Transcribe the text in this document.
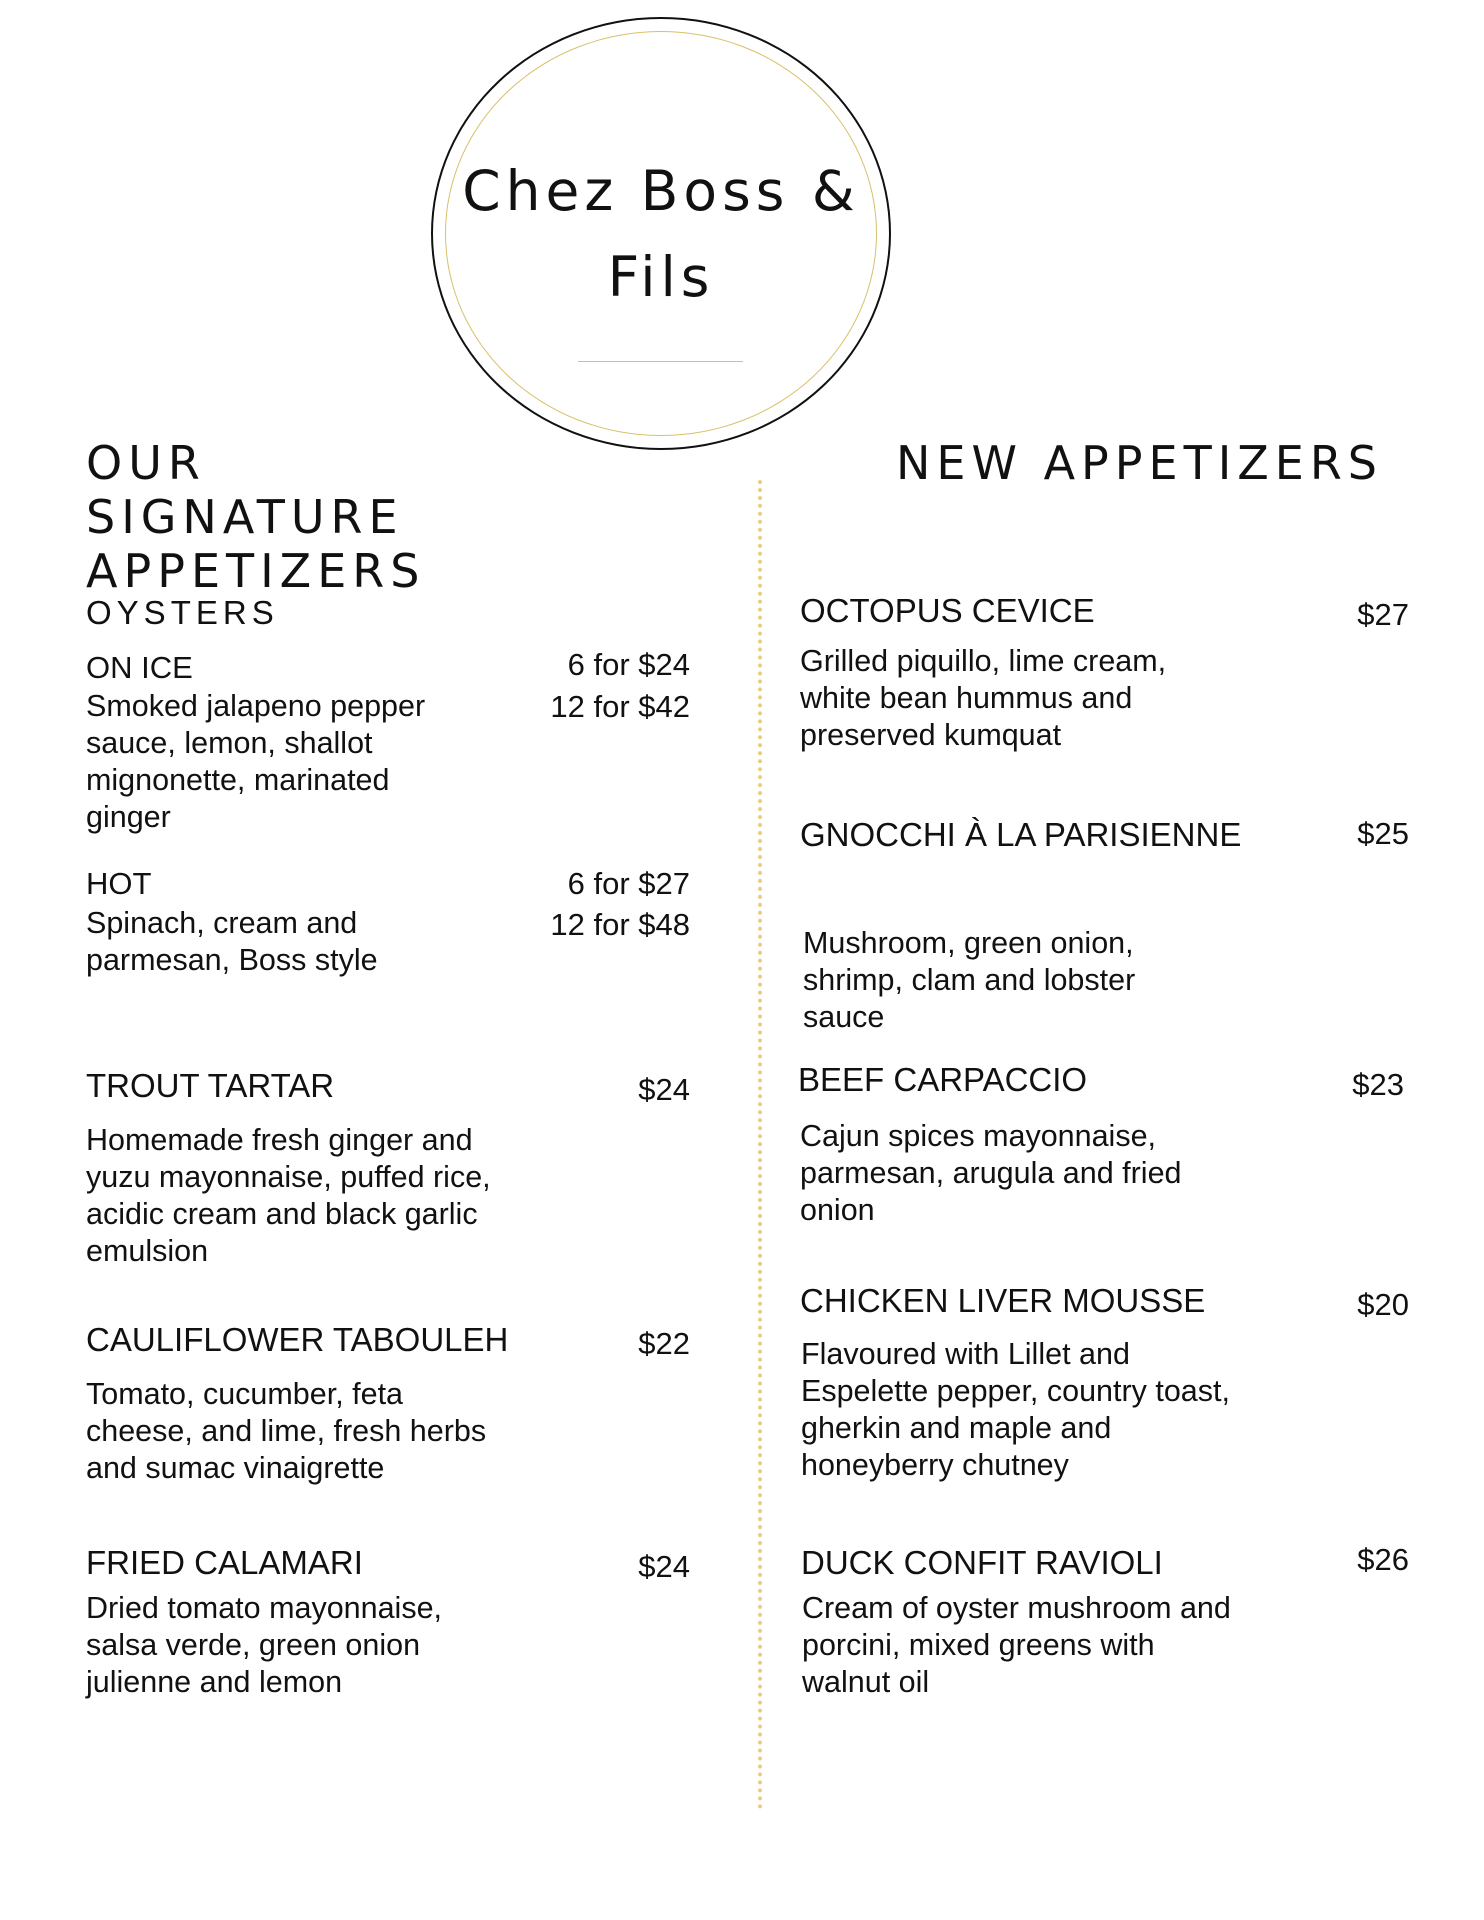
Chez Boss &
Fils
OUR SIGNATURE APPETIZERS
NEW APPETIZERS
OYSTERS
ON ICE	6 for $24
12 for $42
Smoked jalapeno pepper sauce, lemon, shallot mignonette, marinated ginger
HOT	6 for $27
12 for $48
Spinach, cream and parmesan, Boss style
TROUT TARTAR	$24
Homemade fresh ginger and yuzu mayonnaise, puffed rice, acidic cream and black garlic emulsion
CAULIFLOWER TABOULEH	$22
Tomato, cucumber, feta cheese, and lime, fresh herbs and sumac vinaigrette
FRIED CALAMARI	$24
Dried tomato mayonnaise, salsa verde, green onion julienne and lemon
OCTOPUS CEVICE	$27
Grilled piquillo, lime cream, white bean hummus and preserved kumquat
GNOCCHI À LA PARISIENNE	$25
Mushroom, green onion, shrimp, clam and lobster sauce
BEEF CARPACCIO	$23
Cajun spices mayonnaise, parmesan, arugula and fried onion
CHICKEN LIVER MOUSSE	$20
Flavoured with Lillet and Espelette pepper, country toast, gherkin and maple and honeyberry chutney
DUCK CONFIT RAVIOLI	$26
Cream of oyster mushroom and porcini, mixed greens with walnut oil
